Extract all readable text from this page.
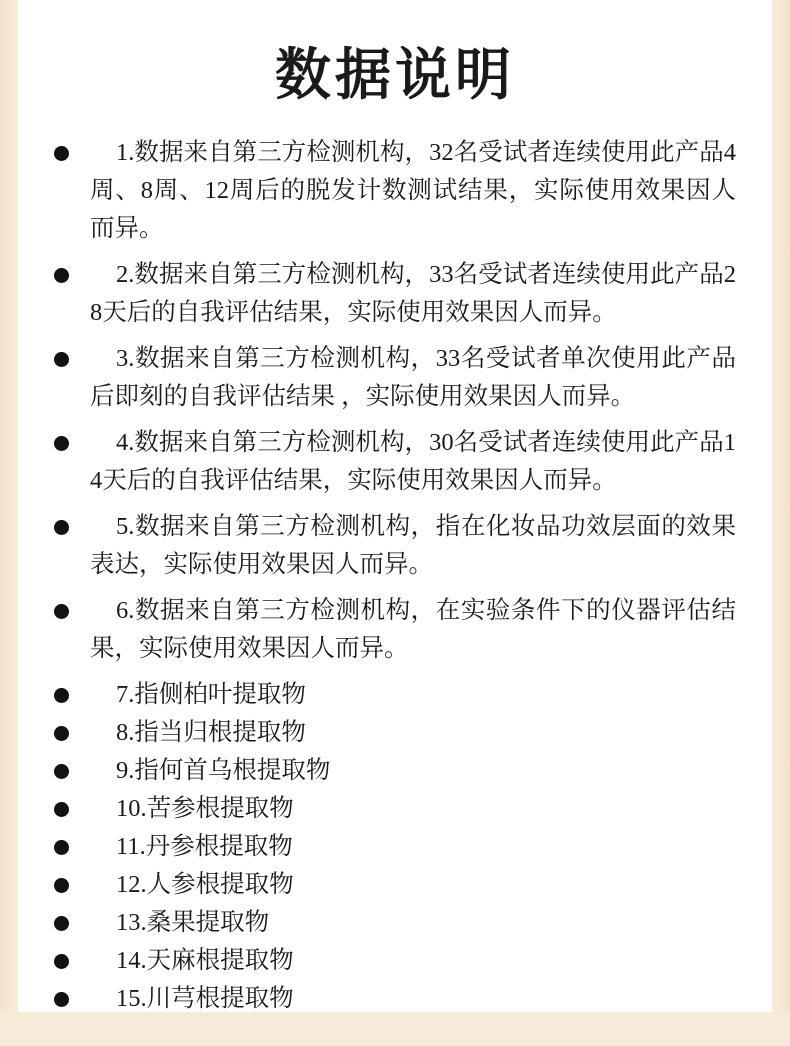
数据说明
1.数据来自第三方检测机构，32名受试者连续使用此产品4周、8周、12周后的脱发计数测试结果，实际使用效果因人而异。
2.数据来自第三方检测机构，33名受试者连续使用此产品28天后的自我评估结果，实际使用效果因人而异。
3.数据来自第三方检测机构，33名受试者单次使用此产品后即刻的自我评估结果 ，实际使用效果因人而异。
4.数据来自第三方检测机构，30名受试者连续使用此产品14天后的自我评估结果，实际使用效果因人而异。
5.数据来自第三方检测机构，指在化妆品功效层面的效果表达，实际使用效果因人而异。
6.数据来自第三方检测机构，在实验条件下的仪器评估结果，实际使用效果因人而异。
7.指侧柏叶提取物
8.指当归根提取物
9.指何首乌根提取物
10.苦参根提取物
11.丹参根提取物
12.人参根提取物
13.桑果提取物
14.天麻根提取物
15.川芎根提取物
